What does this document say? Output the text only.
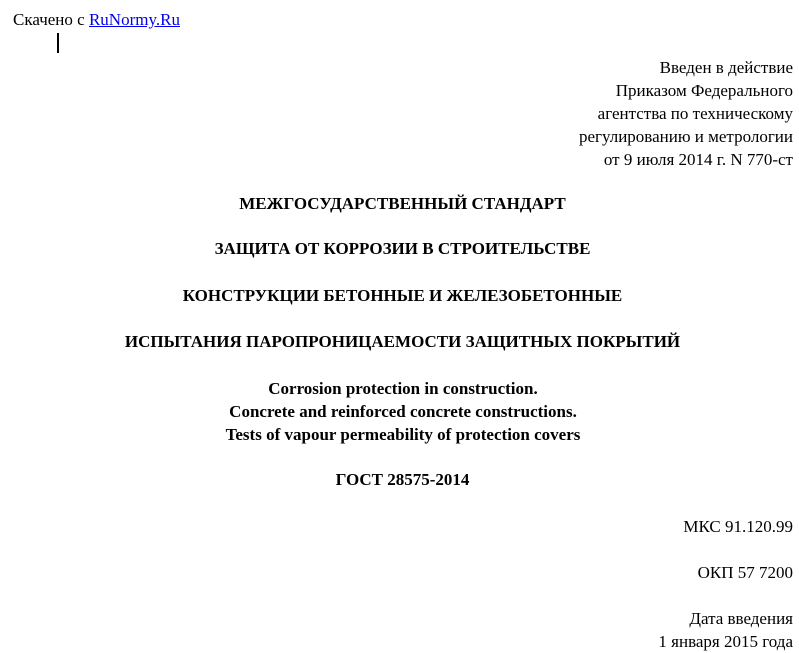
Скачено с RuNormy.Ru
Введен в действие
Приказом Федерального
агентства по техническому
регулированию и метрологии
от 9 июля 2014 г. N 770-ст
МЕЖГОСУДАРСТВЕННЫЙ СТАНДАРТ
ЗАЩИТА ОТ КОРРОЗИИ В СТРОИТЕЛЬСТВЕ
КОНСТРУКЦИИ БЕТОННЫЕ И ЖЕЛЕЗОБЕТОННЫЕ
ИСПЫТАНИЯ ПАРОПРОНИЦАЕМОСТИ ЗАЩИТНЫХ ПОКРЫТИЙ
Corrosion protection in construction.
Concrete and reinforced concrete constructions.
Tests of vapour permeability of protection covers
ГОСТ 28575-2014
МКС 91.120.99
ОКП 57 7200
Дата введения
1 января 2015 года
